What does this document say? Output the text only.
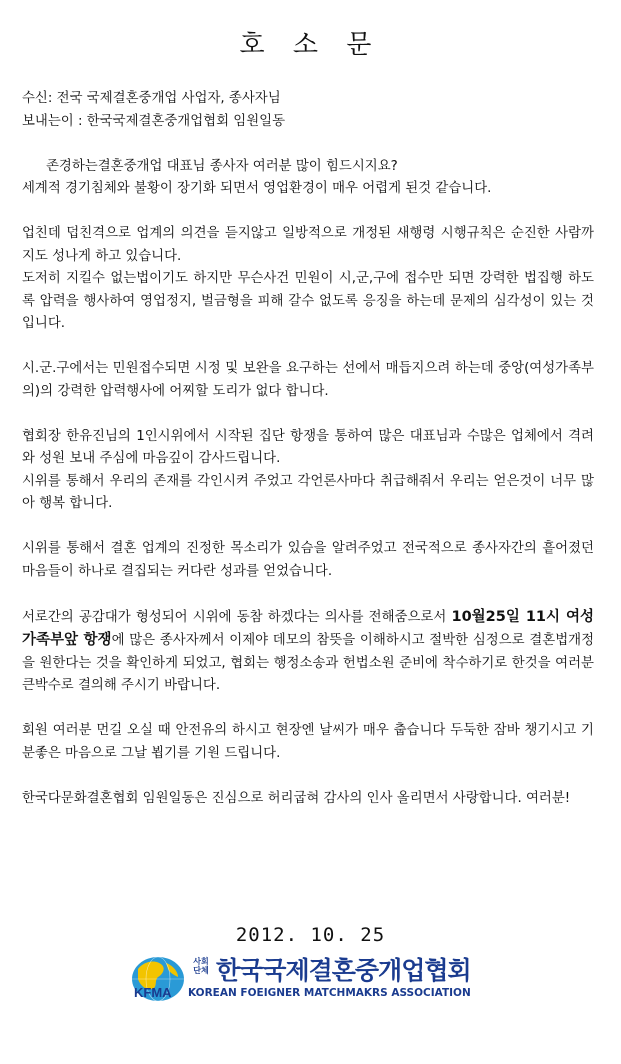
호 소 문

수신: 전국 국제결혼중개업 사업자, 종사자님

보내는이 : 한국국제결혼중개업협회 임원일동

존경하는결혼중개업 대표님 종사자 여러분 많이 힘드시지요?

세계적 경기침체와 불황이 장기화 되면서 영업환경이 매우 어렵게 된것 같습니다.

업친데 덥친격으로 업계의 의견을 듣지않고 일방적으로 개정된 새행령 시행규칙은 순진한 사람까지도 성나게 하고 있습니다.

도저히 지킬수 없는법이기도 하지만 무슨사건 민원이 시,군,구에 접수만 되면 강력한 법집행 하도록 압력을 행사하여 영업정지, 벌금형을 피해 갈수 없도록 응징을 하는데 문제의 심각성이 있는 것 입니다.

시.군.구에서는 민원접수되면 시정 및 보완을 요구하는 선에서 매듭지으려 하는데 중앙(여성가족부의)의 강력한 압력행사에 어찌할 도리가 없다 합니다.

협회장 한유진님의 1인시위에서 시작된 집단 항쟁을 통하여 많은 대표님과 수많은 업체에서 격려와 성원 보내 주심에 마음깊이 감사드립니다.

시위를 통해서 우리의 존재를 각인시켜 주었고 각언론사마다 취급해줘서 우리는 얻은것이 너무 많아 행복 합니다.

시위를 통해서 결혼 업계의 진정한 목소리가 있슴을 알려주었고 전국적으로 종사자간의 흩어졌던 마음들이 하나로 결집되는 커다란 성과를 얻었습니다.

서로간의 공감대가 형성되어 시위에 동참 하겠다는 의사를 전해줌으로서 10월25일 11시 여성가족부앞 항쟁에 많은 종사자께서 이제야 데모의 참뜻을 이해하시고 절박한 심정으로 결혼법개정을 원한다는 것을 확인하게 되었고, 협회는 행정소송과 헌법소원 준비에 착수하기로 한것을 여러분 큰박수로 결의해 주시기 바랍니다.

회원 여러분 먼길 오실 때 안전유의 하시고 현장엔 날씨가 매우 춥습니다 두둑한 잠바 챙기시고 기분좋은 마음으로 그날 뵙기를 기원 드립니다.

한국다문화결혼협회 임원일동은 진심으로 허리굽혀 감사의 인사 올리면서 사랑합니다. 여러분!

2012. 10. 25
KFMA
사회
단체 한국국제결혼중개업협회
KOREAN FOEIGNER MATCHMAKRS ASSOCIATION
